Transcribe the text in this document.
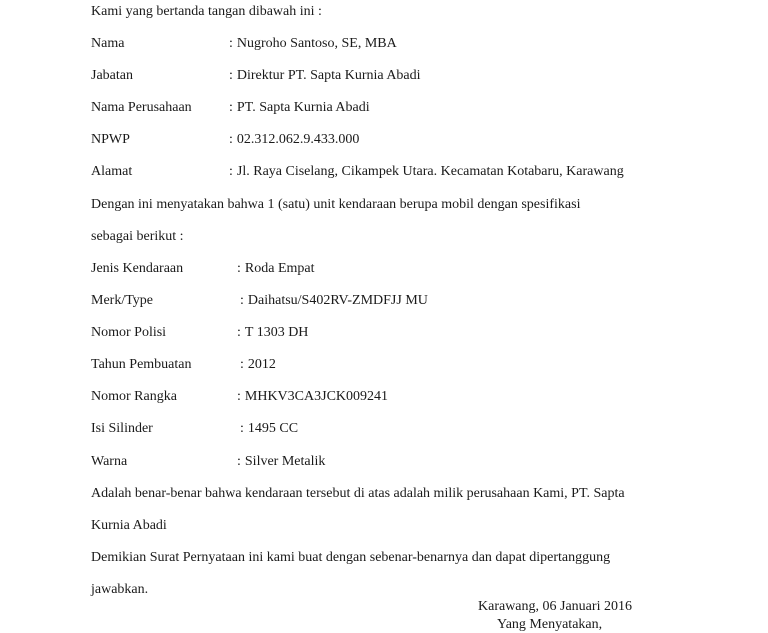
Kami yang bertanda tangan dibawah ini :
Nama	: Nugroho Santoso, SE, MBA
Jabatan	: Direktur PT. Sapta Kurnia Abadi
Nama Perusahaan	: PT. Sapta Kurnia Abadi
NPWP	: 02.312.062.9.433.000
Alamat	: Jl. Raya Ciselang, Cikampek Utara. Kecamatan Kotabaru, Karawang
Dengan ini menyatakan bahwa 1 (satu) unit kendaraan berupa mobil dengan spesifikasi
sebagai berikut :
Jenis Kendaraan	: Roda Empat
Merk/Type	: Daihatsu/S402RV-ZMDFJJ MU
Nomor Polisi	: T 1303 DH
Tahun Pembuatan	: 2012
Nomor Rangka	: MHKV3CA3JCK009241
Isi Silinder	: 1495 CC
Warna	: Silver Metalik
Adalah benar-benar bahwa kendaraan tersebut di atas adalah milik perusahaan Kami, PT. Sapta
Kurnia Abadi
Demikian Surat Pernyataan ini kami buat dengan sebenar-benarnya dan dapat dipertanggung
jawabkan.
Karawang, 06 Januari 2016
Yang Menyatakan,
